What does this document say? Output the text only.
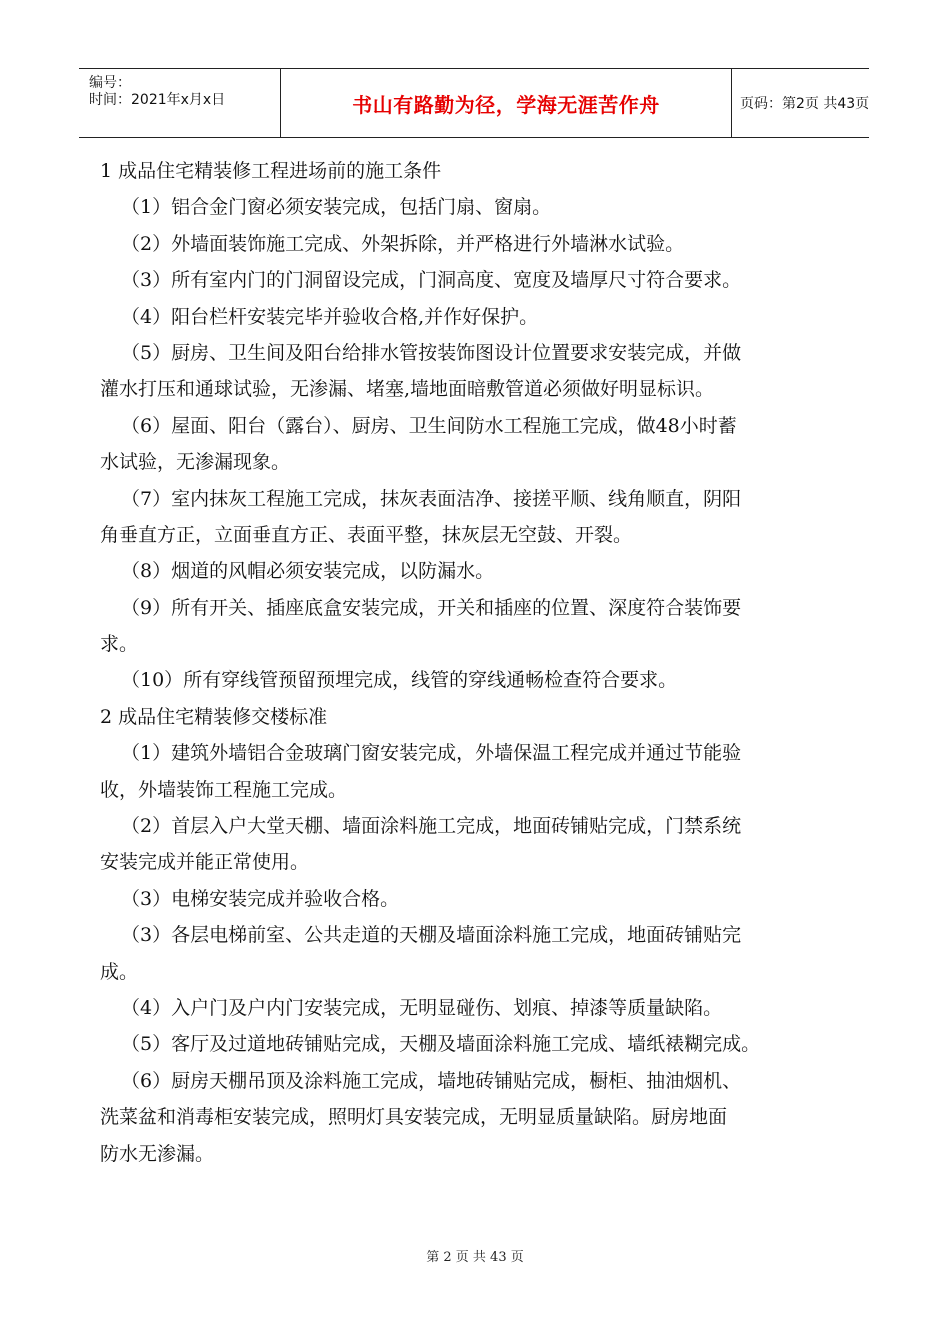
编号：
时间：2021年x月x日	书山有路勤为径，学海无涯苦作舟	页码：第2页 共43页
1 成品住宅精装修工程进场前的施工条件
（1）铝合金门窗必须安装完成，包括门扇、窗扇。
（2）外墙面装饰施工完成、外架拆除，并严格进行外墙淋水试验。
（3）所有室内门的门洞留设完成，门洞高度、宽度及墙厚尺寸符合要求。
（4）阳台栏杆安装完毕并验收合格,并作好保护。
（5）厨房、卫生间及阳台给排水管按装饰图设计位置要求安装完成，并做
灌水打压和通球试验，无渗漏、堵塞,墙地面暗敷管道必须做好明显标识。
（6）屋面、阳台（露台）、厨房、卫生间防水工程施工完成，做48小时蓄
水试验，无渗漏现象。
（7）室内抹灰工程施工完成，抹灰表面洁净、接搓平顺、线角顺直，阴阳
角垂直方正，立面垂直方正、表面平整，抹灰层无空鼓、开裂。
（8）烟道的风帽必须安装完成，以防漏水。
（9）所有开关、插座底盒安装完成，开关和插座的位置、深度符合装饰要
求。
（10）所有穿线管预留预埋完成，线管的穿线通畅检查符合要求。
2 成品住宅精装修交楼标准
（1）建筑外墙铝合金玻璃门窗安装完成，外墙保温工程完成并通过节能验
收，外墙装饰工程施工完成。
（2）首层入户大堂天棚、墙面涂料施工完成，地面砖铺贴完成，门禁系统
安装完成并能正常使用。
（3）电梯安装完成并验收合格。
（3）各层电梯前室、公共走道的天棚及墙面涂料施工完成，地面砖铺贴完
成。
（4）入户门及户内门安装完成，无明显碰伤、划痕、掉漆等质量缺陷。
（5）客厅及过道地砖铺贴完成，天棚及墙面涂料施工完成、墙纸裱糊完成。
（6）厨房天棚吊顶及涂料施工完成，墙地砖铺贴完成，橱柜、抽油烟机、
洗菜盆和消毒柜安装完成，照明灯具安装完成，无明显质量缺陷。厨房地面
防水无渗漏。
第 2 页 共 43 页
